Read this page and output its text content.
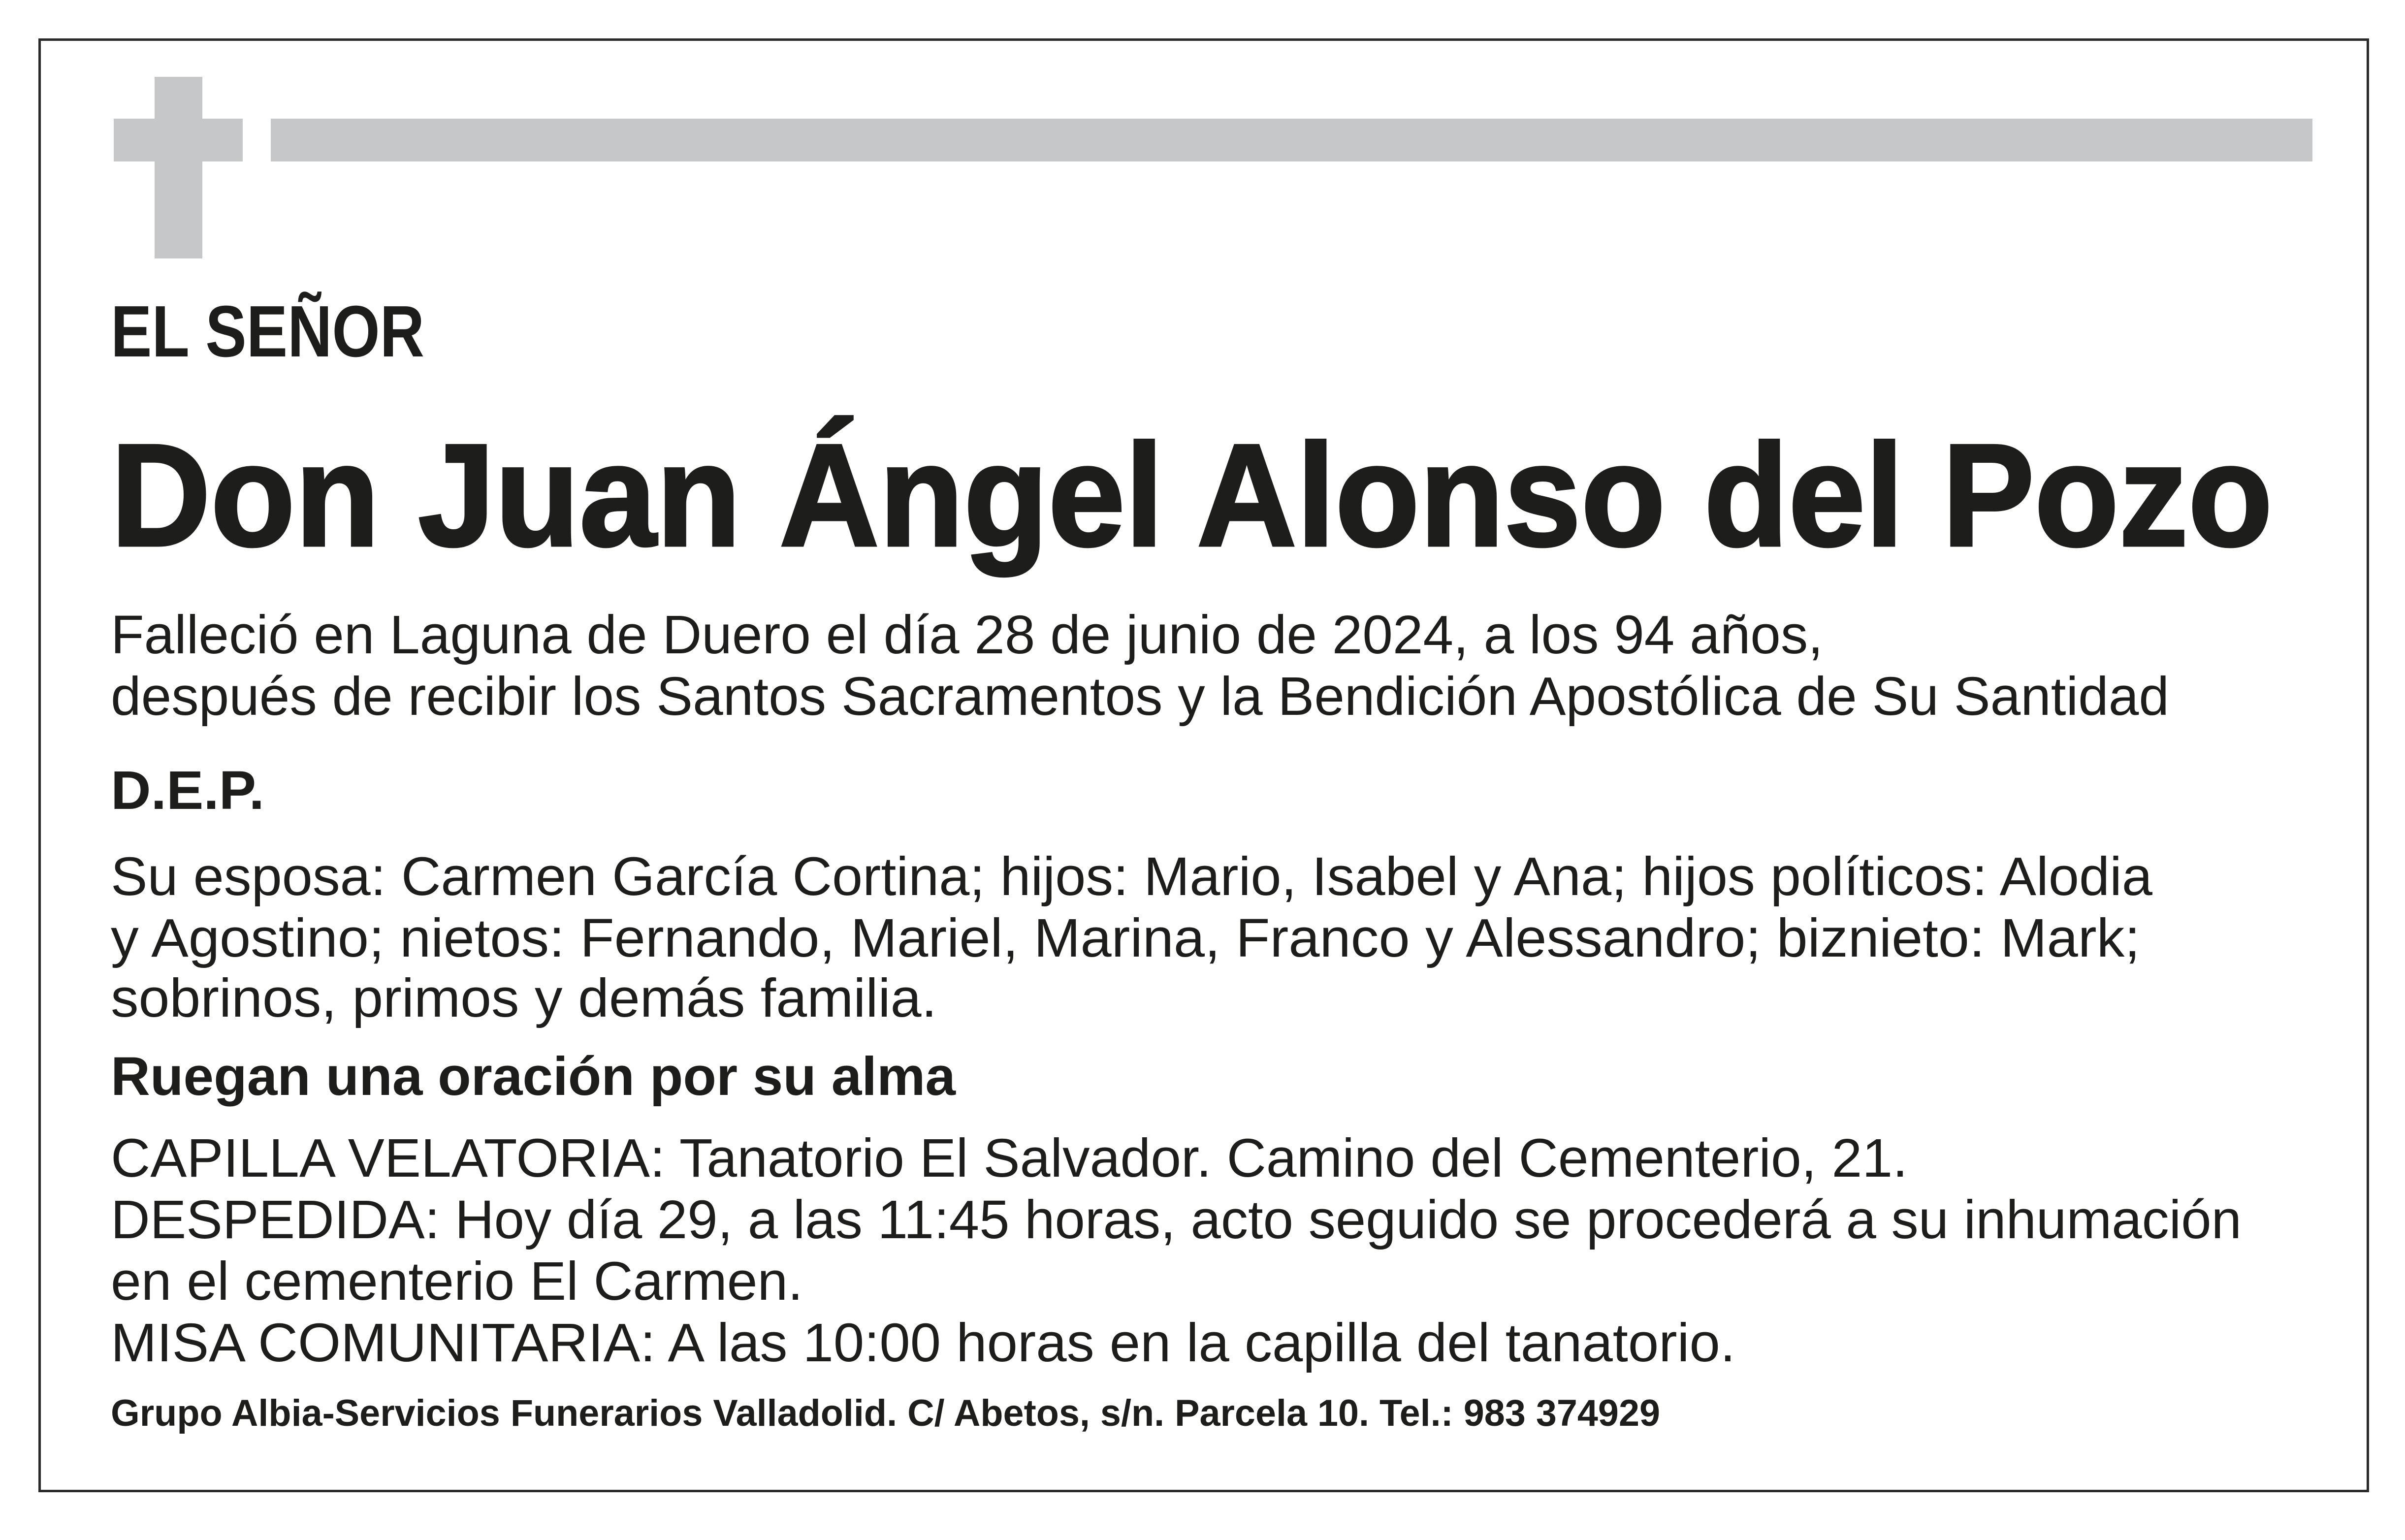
EL SEÑOR
Don Juan Ángel Alonso del Pozo
Falleció en Laguna de Duero el día 28 de junio de 2024, a los 94 años,
después de recibir los Santos Sacramentos y la Bendición Apostólica de Su Santidad
D.E.P.
Su esposa: Carmen García Cortina; hijos: Mario, Isabel y Ana; hijos políticos: Alodia
y Agostino; nietos: Fernando, Mariel, Marina, Franco y Alessandro; biznieto: Mark;
sobrinos, primos y demás familia.
Ruegan una oración por su alma
CAPILLA VELATORIA: Tanatorio El Salvador. Camino del Cementerio, 21.
DESPEDIDA: Hoy día 29, a las 11:45 horas, acto seguido se procederá a su inhumación
en el cementerio El Carmen.
MISA COMUNITARIA: A las 10:00 horas en la capilla del tanatorio.
Grupo Albia-Servicios Funerarios Valladolid. C/ Abetos, s/n. Parcela 10. Tel.: 983 374929
